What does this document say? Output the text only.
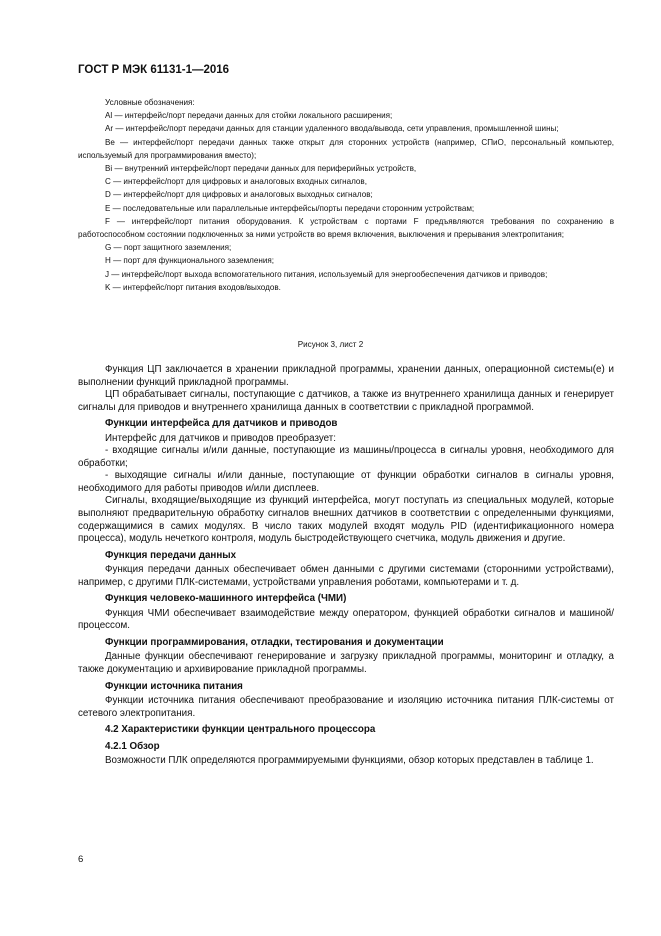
ГОСТ Р МЭК 61131-1—2016

Условные обозначения:

Al — интерфейс/порт передачи данных для стойки локального расширения;

Ar — интерфейс/порт передачи данных для станции удаленного ввода/вывода, сети управления, промышленной шины;

Be — интерфейс/порт передачи данных также открыт для сторонних устройств (например, СПиО, персональный компьютер, используемый для программирования вместо);

Bi — внутренний интерфейс/порт передачи данных для периферийных устройств,

C — интерфейс/порт для цифровых и аналоговых входных сигналов,

D — интерфейс/порт для цифровых и аналоговых выходных сигналов;

E — последовательные или параллельные интерфейсы/порты передачи сторонним устройствам;

F — интерфейс/порт питания оборудования. К устройствам с портами F предъявляются требования по сохранению в работоспособном состоянии подключенных за ними устройств во время включения, выключения и прерывания электропитания;

G — порт защитного заземления;

H — порт для функционального заземления;

J — интерфейс/порт выхода вспомогательного питания, используемый для энергообеспечения датчиков и приводов;

K — интерфейс/порт питания входов/выходов.

Рисунок 3, лист 2

Функция ЦП заключается в хранении прикладной программы, хранении данных, операционной системы(е) и выполнении функций прикладной программы.

ЦП обрабатывает сигналы, поступающие с датчиков, а также из внутреннего хранилища данных и генерирует сигналы для приводов и внутреннего хранилища данных в соответствии с прикладной программой.

Функции интерфейса для датчиков и приводов

Интерфейс для датчиков и приводов преобразует:

- входящие сигналы и/или данные, поступающие из машины/процесса в сигналы уровня, необходимого для обработки;

- выходящие сигналы и/или данные, поступающие от функции обработки сигналов в сигналы уровня, необходимого для работы приводов и/или дисплеев.

Сигналы, входящие/выходящие из функций интерфейса, могут поступать из специальных модулей, которые выполняют предварительную обработку сигналов внешних датчиков в соответствии с определенными функциями, содержащимися в самих модулях. В число таких модулей входят модуль PID (идентификационного номера процесса), модуль нечеткого контроля, модуль быстродействующего счетчика, модуль движения и другие.

Функция передачи данных

Функция передачи данных обеспечивает обмен данными с другими системами (сторонними устройствами), например, с другими ПЛК-системами, устройствами управления роботами, компьютерами и т. д.

Функция человеко-машинного интерфейса (ЧМИ)

Функция ЧМИ обеспечивает взаимодействие между оператором, функцией обработки сигналов и машиной/процессом.

Функции программирования, отладки, тестирования и документации

Данные функции обеспечивают генерирование и загрузку прикладной программы, мониторинг и отладку, а также документацию и архивирование прикладной программы.

Функции источника питания

Функции источника питания обеспечивают преобразование и изоляцию источника питания ПЛК-системы от сетевого электропитания.

4.2 Характеристики функции центрального процессора

4.2.1 Обзор

Возможности ПЛК определяются программируемыми функциями, обзор которых представлен в таблице 1.

6
